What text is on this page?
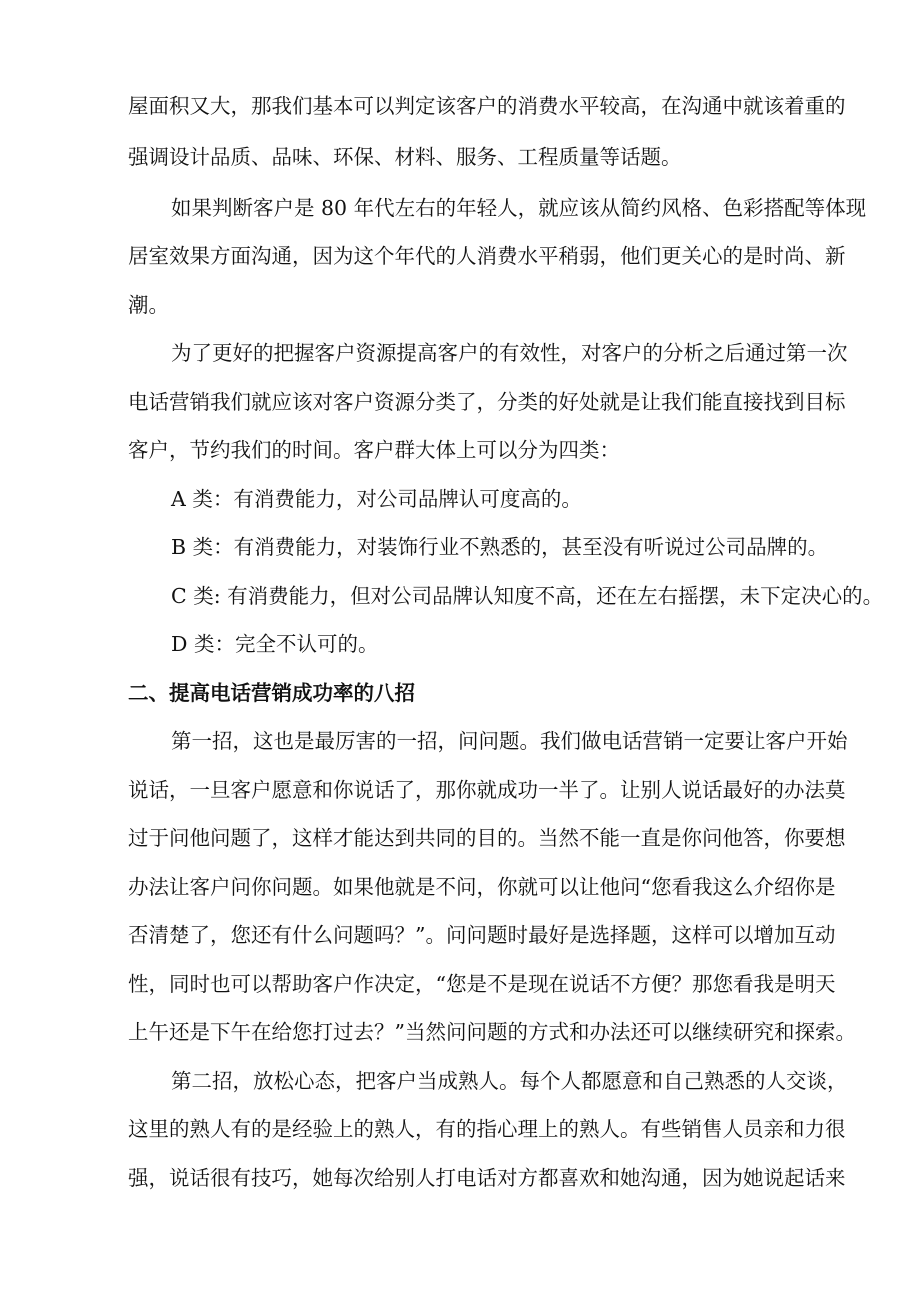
屋面积又大，那我们基本可以判定该客户的消费水平较高，在沟通中就该着重的

强调设计品质、品味、环保、材料、服务、工程质量等话题。

如果判断客户是 80 年代左右的年轻人，就应该从简约风格、色彩搭配等体现

居室效果方面沟通，因为这个年代的人消费水平稍弱，他们更关心的是时尚、新

潮。

为了更好的把握客户资源提高客户的有效性，对客户的分析之后通过第一次

电话营销我们就应该对客户资源分类了，分类的好处就是让我们能直接找到目标

客户，节约我们的时间。客户群大体上可以分为四类：

A 类：有消费能力，对公司品牌认可度高的。

B 类：有消费能力，对装饰行业不熟悉的，甚至没有听说过公司品牌的。

C 类: 有消费能力，但对公司品牌认知度不高，还在左右摇摆，未下定决心的。

D 类：完全不认可的。

二、提高电话营销成功率的八招

第一招，这也是最厉害的一招，问问题。我们做电话营销一定要让客户开始

说话，一旦客户愿意和你说话了，那你就成功一半了。让别人说话最好的办法莫

过于问他问题了，这样才能达到共同的目的。当然不能一直是你问他答，你要想

办法让客户问你问题。如果他就是不问，你就可以让他问“您看我这么介绍你是

否清楚了，您还有什么问题吗？”。问问题时最好是选择题，这样可以增加互动

性，同时也可以帮助客户作决定，“您是不是现在说话不方便？那您看我是明天

上午还是下午在给您打过去？”当然问问题的方式和办法还可以继续研究和探索。

第二招，放松心态，把客户当成熟人。每个人都愿意和自己熟悉的人交谈，

这里的熟人有的是经验上的熟人，有的指心理上的熟人。有些销售人员亲和力很

强，说话很有技巧，她每次给别人打电话对方都喜欢和她沟通，因为她说起话来
